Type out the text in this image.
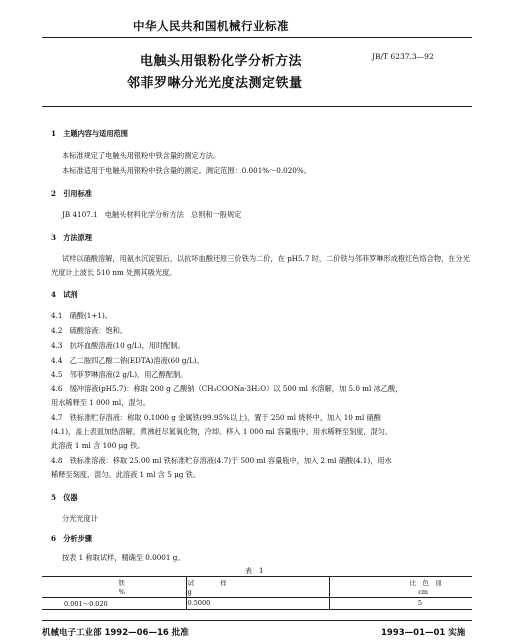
中华人民共和国机械行业标准
电触头用银粉化学分析方法
邻菲罗啉分光光度法测定铁量
JB/T 6237.3—92
1　主题内容与适用范围
本标准规定了电触头用银粉中铁含量的测定方法。
本标准适用于电触头用银粉中铁含量的测定。测定范围：0.001%～0.020%。
2　引用标准
JB 4107.1　电触头材料化学分析方法　总则和一般规定
3　方法原理
试样以硝酸溶解，用氨水沉淀银后，以抗坏血酸还原三价铁为二价，在 pH5.7 时，二价铁与邻菲罗啉形成橙红色络合物，在分光光度计上波长 510 nm 处测其吸光度。
4　试剂
4.1　硝酸(1+1)。
4.2　硫酸溶液：饱和。
4.3　抗坏血酸溶液(10 g/L)，用时配制。
4.4　乙二胺四乙酸二钠(EDTA)溶液(60 g/L)。
4.5　邻菲罗啉溶液(2 g/L)，用乙醇配制。
4.6　缓冲溶液(pH5.7)：称取 200 g 乙酸钠（CH₃COONa·3H₂O）以 500 ml 水溶解，加 5.0 ml 冰乙酸，
用水稀释至 1 000 ml，混匀。
4.7　铁标准贮存溶液：称取 0.1000 g 金属铁(99.95%以上)，置于 250 ml 烧杯中，加入 10 ml 硝酸
(4.1)，盖上表皿加热溶解，煮沸赶尽氮氧化物，冷却。移入 1 000 ml 容量瓶中，用水稀释至刻度，混匀。
此溶液 1 ml 含 100 μg 铁。
4.8　铁标准溶液：移取 25.00 ml 铁标准贮存溶液(4.7)于 500 ml 容量瓶中，加入 2 ml 硝酸(4.1)，用水
稀释至刻度，混匀。此溶液 1 ml 含 5 μg 铁。
5　仪器
分光光度计
6　分析步骤
按表 1 称取试样，精确至 0.0001 g。
表　1
铁	试　　　　样	比　色　皿
%	g	cm
0.001～0.020	0.5000	5
机械电子工业部 1992—06—16 批准	1993—01—01 实施
